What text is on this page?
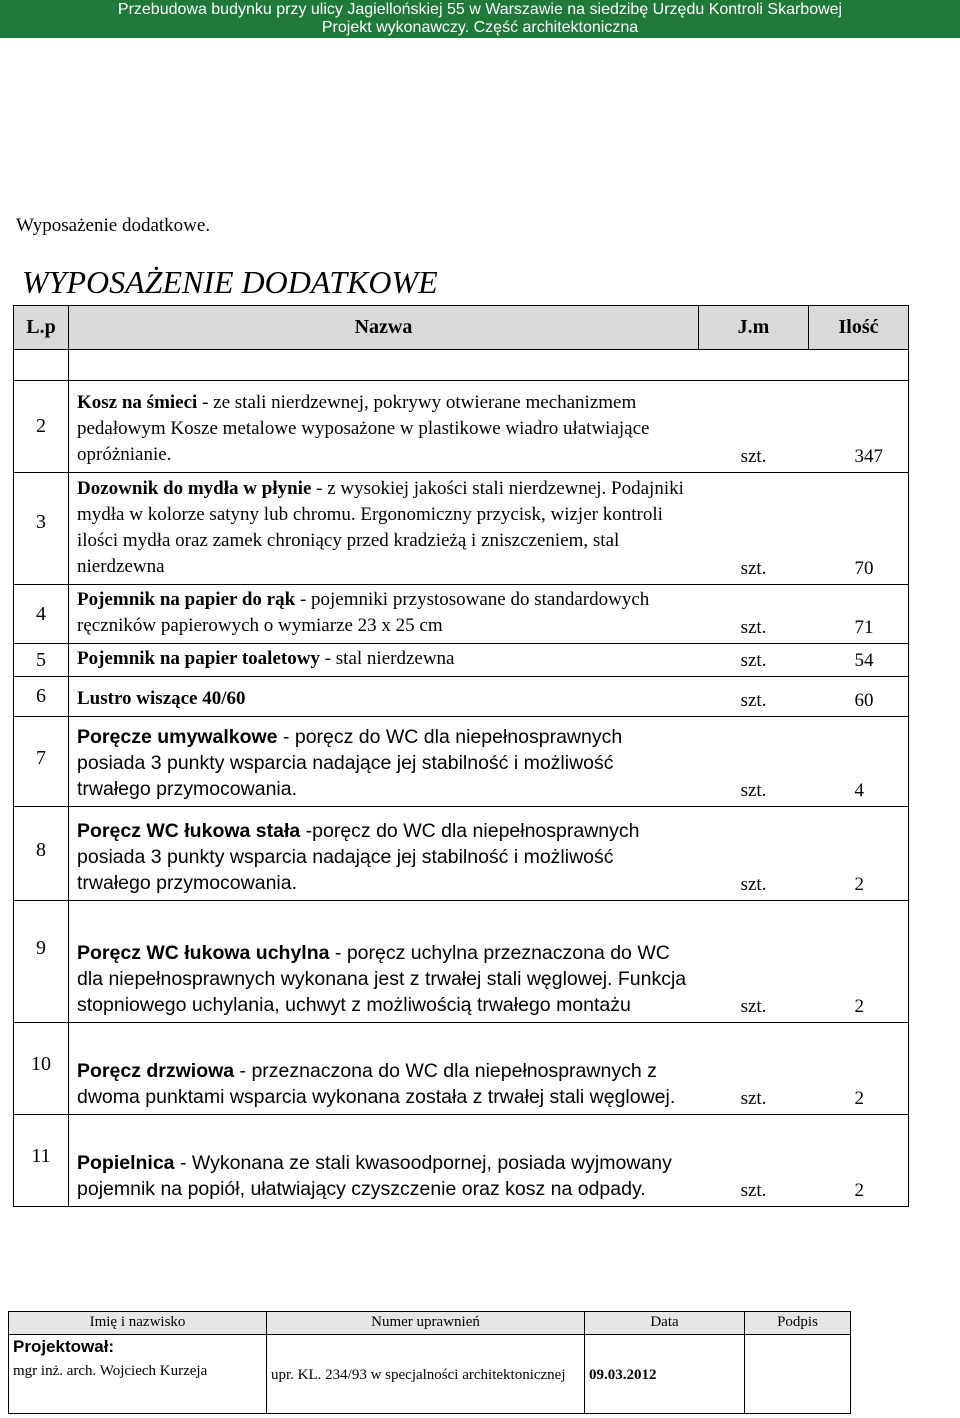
Przebudowa budynku przy ulicy Jagiellońskiej 55 w Warszawie na siedzibę Urzędu Kontroli Skarbowej
Projekt wykonawczy. Część architektoniczna
Wyposażenie dodatkowe.
WYPOSAŻENIE DODATKOWE
L.p	Nazwa	J.m	Ilość

2	Kosz na śmieci - ze stali nierdzewnej, pokrywy otwierane mechanizmem pedałowym Kosze metalowe wyposażone w plastikowe wiadro ułatwiające opróżnianie.	szt.	347
3	Dozownik do mydła w płynie - z wysokiej jakości stali nierdzewnej. Podajniki mydła w kolorze satyny lub chromu. Ergonomiczny przycisk, wizjer kontroli ilości mydła oraz zamek chroniący przed kradzieżą i zniszczeniem, stal nierdzewna	szt.	70
4	Pojemnik na papier do rąk - pojemniki przystosowane do standardowych ręczników papierowych o wymiarze 23 x 25 cm	szt.	71
5	Pojemnik na papier toaletowy - stal nierdzewna	szt.	54
6	Lustro wiszące 40/60	szt.	60
7	Poręcze umywalkowe - poręcz do WC dla niepełnosprawnych posiada 3 punkty wsparcia nadające jej stabilność i możliwość trwałego przymocowania.	szt.	4
8	Poręcz WC łukowa stała -poręcz do WC dla niepełnosprawnych posiada 3 punkty wsparcia nadające jej stabilność i możliwość trwałego przymocowania.	szt.	2
9	Poręcz WC łukowa uchylna - poręcz uchylna przeznaczona do WC dla niepełnosprawnych wykonana jest z trwałej stali węglowej. Funkcja stopniowego uchylania, uchwyt z możliwością trwałego montażu	szt.	2
10	Poręcz drzwiowa - przeznaczona do WC dla niepełnosprawnych z dwoma punktami wsparcia wykonana została z trwałej stali węglowej.	szt.	2
11	Popielnica - Wykonana ze stali kwasoodpornej, posiada wyjmowany pojemnik na popiół, ułatwiający czyszczenie oraz kosz na odpady.	szt.	2
Imię i nazwisko	Numer uprawnień	Data	Podpis

Projektował:
mgr inż. arch. Wojciech Kurzeja	upr. KL. 234/93 w specjalności architektonicznej	09.03.2012	
